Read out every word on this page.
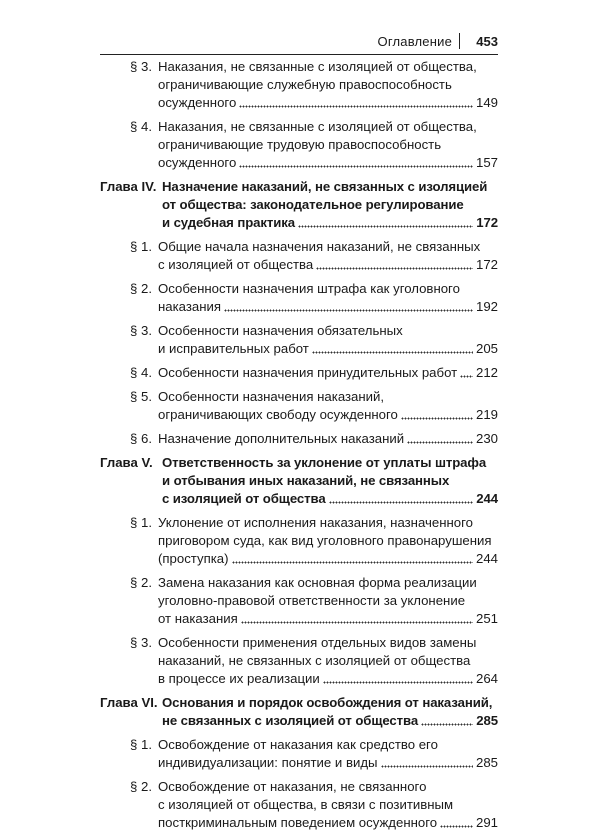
Оглавление 453
§ 3. Наказания, не связанные с изоляцией от общества,
ограничивающие служебную правоспособность
осужденного	149
§ 4. Наказания, не связанные с изоляцией от общества,
ограничивающие трудовую правоспособность
осужденного	157
Глава IV. Назначение наказаний, не связанных с изоляцией
от общества: законодательное регулирование
и судебная практика	172
§ 1. Общие начала назначения наказаний, не связанных
с изоляцией от общества	172
§ 2. Особенности назначения штрафа как уголовного
наказания	192
§ 3. Особенности назначения обязательных
и исправительных работ	205
§ 4. Особенности назначения принудительных работ 212
§ 5. Особенности назначения наказаний,
ограничивающих свободу осужденного	219
§ 6. Назначение дополнительных наказаний	230
Глава V. Ответственность за уклонение от уплаты штрафа
и отбывания иных наказаний, не связанных
с изоляцией от общества	244
§ 1. Уклонение от исполнения наказания, назначенного
приговором суда, как вид уголовного правонарушения
(проступка)	244
§ 2. Замена наказания как основная форма реализации
уголовно-правовой ответственности за уклонение
от наказания	251
§ 3. Особенности применения отдельных видов замены
наказаний, не связанных с изоляцией от общества
в процессе их реализации	264
Глава VI. Основания и порядок освобождения от наказаний,
не связанных с изоляцией от общества	285
§ 1. Освобождение от наказания как средство его
индивидуализации: понятие и виды	285
§ 2. Освобождение от наказания, не связанного
с изоляцией от общества, в связи с позитивным
посткриминальным поведением осужденного	291
